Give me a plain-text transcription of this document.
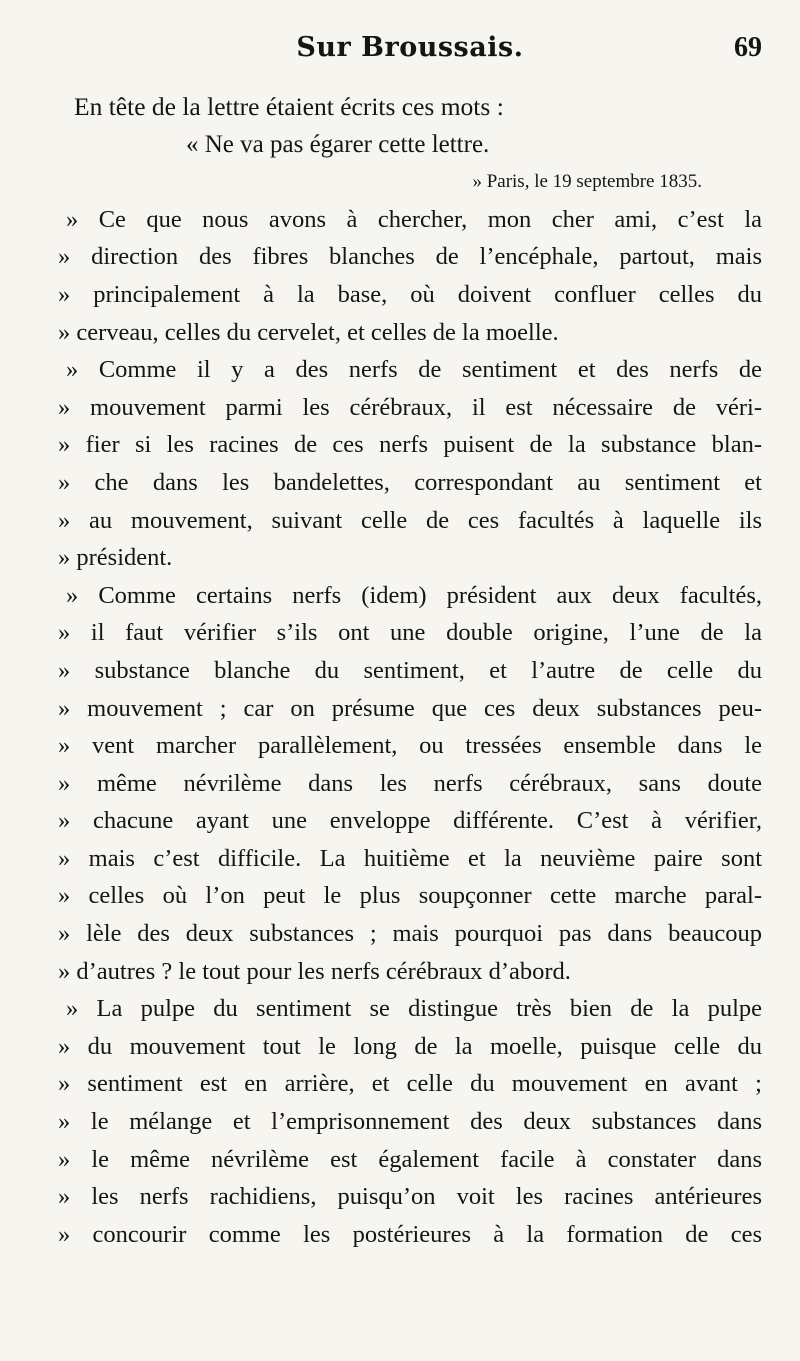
Sur Broussais.	69
En tête de la lettre étaient écrits ces mots :
« Ne va pas égarer cette lettre.
» Paris, le 19 septembre 1835.
» Ce que nous avons à chercher, mon cher ami, c’est la
» direction des fibres blanches de l’encéphale, partout, mais
» principalement à la base, où doivent confluer celles du
» cerveau, celles du cervelet, et celles de la moelle.
» Comme il y a des nerfs de sentiment et des nerfs de
» mouvement parmi les cérébraux, il est nécessaire de véri-
» fier si les racines de ces nerfs puisent de la substance blan-
» che dans les bandelettes, correspondant au sentiment et
» au mouvement, suivant celle de ces facultés à laquelle ils
» président.
» Comme certains nerfs (idem) président aux deux facultés,
» il faut vérifier s’ils ont une double origine, l’une de la
» substance blanche du sentiment, et l’autre de celle du
» mouvement ; car on présume que ces deux substances peu-
» vent marcher parallèlement, ou tressées ensemble dans le
» même névrilème dans les nerfs cérébraux, sans doute
» chacune ayant une enveloppe différente. C’est à vérifier,
» mais c’est difficile. La huitième et la neuvième paire sont
» celles où l’on peut le plus soupçonner cette marche paral-
» lèle des deux substances ; mais pourquoi pas dans beaucoup
» d’autres ? le tout pour les nerfs cérébraux d’abord.
» La pulpe du sentiment se distingue très bien de la pulpe
» du mouvement tout le long de la moelle, puisque celle du
» sentiment est en arrière, et celle du mouvement en avant ;
» le mélange et l’emprisonnement des deux substances dans
» le même névrilème est également facile à constater dans
» les nerfs rachidiens, puisqu’on voit les racines antérieures
» concourir comme les postérieures à la formation de ces
